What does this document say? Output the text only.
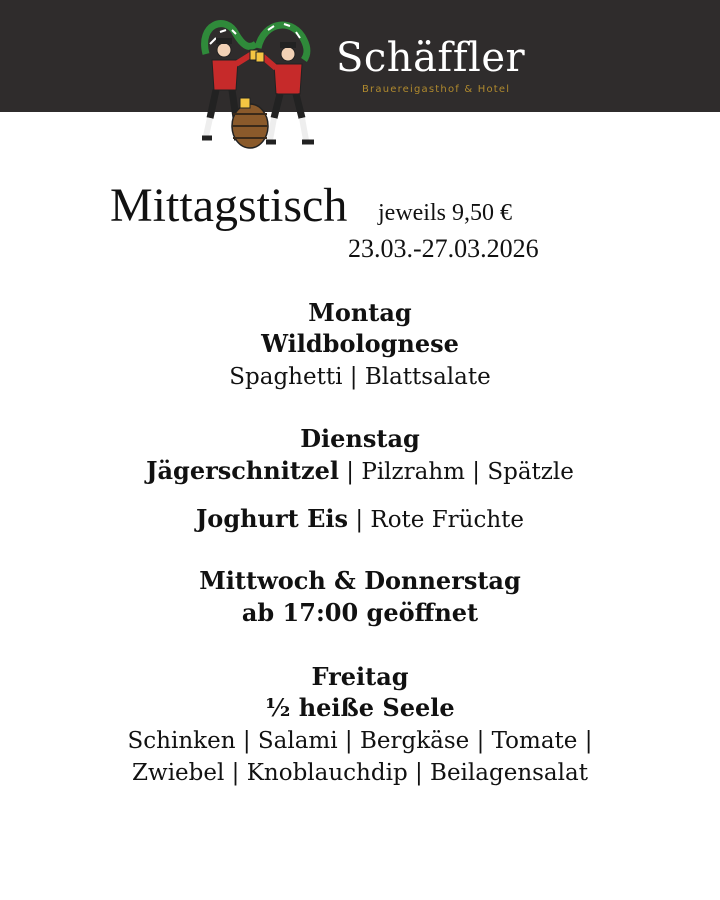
Schäffler
Brauereigasthof & Hotel
Mittagstisch jeweils 9,50 €
23.03.-27.03.2026
Montag
Wildbolognese
Spaghetti | Blattsalate
Dienstag
Jägerschnitzel | Pilzrahm | Spätzle
Joghurt Eis | Rote Früchte
Mittwoch & Donnerstag
ab 17:00 geöffnet
Freitag
½ heiße Seele
Schinken | Salami | Bergkäse | Tomate |
Zwiebel | Knoblauchdip | Beilagensalat
